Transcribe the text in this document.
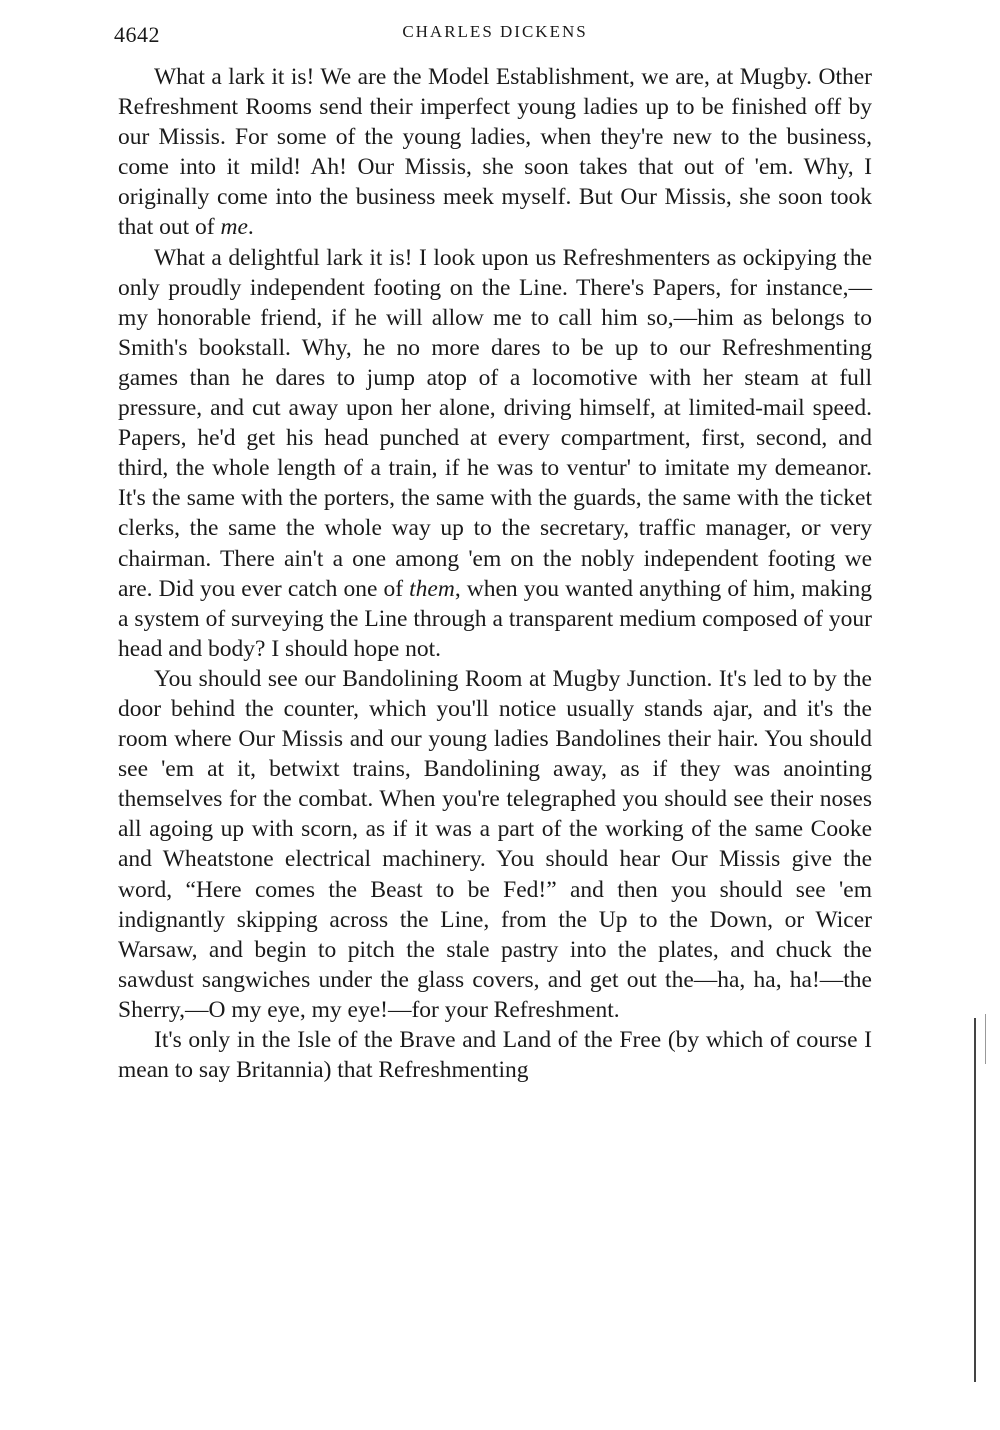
4642	CHARLES DICKENS

What a lark it is! We are the Model Establishment, we are, at Mugby. Other Refreshment Rooms send their imperfect young ladies up to be finished off by our Missis. For some of the young ladies, when they're new to the business, come into it mild! Ah! Our Missis, she soon takes that out of 'em. Why, I originally come into the business meek myself. But Our Missis, she soon took that out of me.

What a delightful lark it is! I look upon us Refreshmenters as ockipying the only proudly independent footing on the Line. There's Papers, for instance,—my honorable friend, if he will allow me to call him so,—him as belongs to Smith's bookstall. Why, he no more dares to be up to our Refreshmenting games than he dares to jump atop of a locomotive with her steam at full pressure, and cut away upon her alone, driving himself, at limited-mail speed. Papers, he'd get his head punched at every compartment, first, second, and third, the whole length of a train, if he was to ventur' to imitate my demeanor. It's the same with the porters, the same with the guards, the same with the ticket clerks, the same the whole way up to the secretary, traffic manager, or very chairman. There ain't a one among 'em on the nobly independent footing we are. Did you ever catch one of them, when you wanted anything of him, making a system of surveying the Line through a transparent medium composed of your head and body? I should hope not.

You should see our Bandolining Room at Mugby Junction. It's led to by the door behind the counter, which you'll notice usually stands ajar, and it's the room where Our Missis and our young ladies Bandolines their hair. You should see 'em at it, betwixt trains, Bandolining away, as if they was anointing themselves for the combat. When you're telegraphed you should see their noses all agoing up with scorn, as if it was a part of the working of the same Cooke and Wheatstone electrical machinery. You should hear Our Missis give the word, “Here comes the Beast to be Fed!” and then you should see 'em indignantly skipping across the Line, from the Up to the Down, or Wicer Warsaw, and begin to pitch the stale pastry into the plates, and chuck the sawdust sangwiches under the glass covers, and get out the—ha, ha, ha!—the Sherry,—O my eye, my eye!—for your Refreshment.

It's only in the Isle of the Brave and Land of the Free (by which of course I mean to say Britannia) that Refreshmenting
